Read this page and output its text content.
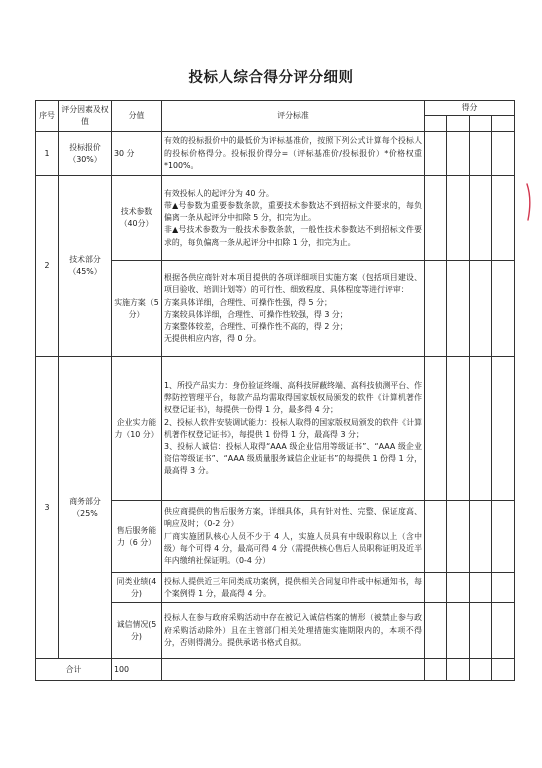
投标人综合得分评分细则
序号	评分因素及权值	分值	评分标准	得分			

1	投标报价（30%）	30 分	有效的投标报价中的最低价为评标基准价，按照下列公式计算每个投标人的投标价格得分。投标报价得分=（评标基准价/投标报价）*价格权重*100%。				

2	技术部分（45%）	技术参数（40分）	有效投标人的起评分为 40 分。

带▲号参数为重要参数条款，重要技术参数达不到招标文件要求的，每负偏离一条从起评分中扣除 5 分，扣完为止。

非▲号技术参数为一般技术参数条款，一般性技术参数达不到招标文件要求的，每负偏离一条从起评分中扣除 1 分，扣完为止。				

		实施方案（5 分）	根据各供应商针对本项目提供的各项详细项目实施方案（包括项目建设、项目验收、培训计划等）的可行性、细致程度、具体程度等进行评审：

方案具体详细，合理性、可操作性强，得 5 分；

方案较具体详细，合理性、可操作性较强，得 3 分；

方案整体较差，合理性、可操作性不高的，得 2 分；

无提供相应内容，得 0 分。				

3	商务部分（25%	企业实力能力（10 分）	1、所投产品实力：身份验证终端、高科技屏蔽终端、高科技侦测平台、作弊防控管理平台，每款产品均需取得国家版权局颁发的软件《计算机著作权登记证书》，每提供一份得 1 分，最多得 4 分；

2、投标人软件安装调试能力：投标人取得的国家版权局颁发的软件《计算机著作权登记证书》，每提供 1 份得 1 分，最高得 3 分；

3、投标人诚信：投标人取得“AAA 级企业信用等级证书”、“AAA 级企业资信等级证书”、“AAA 级质量服务诚信企业证书”的每提供 1 份得 1 分，最高得 3 分。				

		售后服务能力（6 分）	供应商提供的售后服务方案，详细具体，具有针对性、完整、保证度高、响应及时；（0-2 分）

厂商实施团队核心人员不少于 4 人，实施人员具有中级职称以上（含中级）每个可得 4 分，最高可得 4 分（需提供核心售后人员职称证明及近半年内缴纳社保证明。（0-4 分）				

		同类业绩(4 分)	投标人提供近三年同类成功案例，提供相关合同复印件或中标通知书，每个案例得 1 分，最高得 4 分。				

		诚信情况(5 分)	投标人在参与政府采购活动中存在被记入诚信档案的情形（被禁止参与政府采购活动除外）且在主管部门相关处理措施实施期限内的，本项不得分，否则得满分。提供承诺书格式自拟。				

合计		100					
